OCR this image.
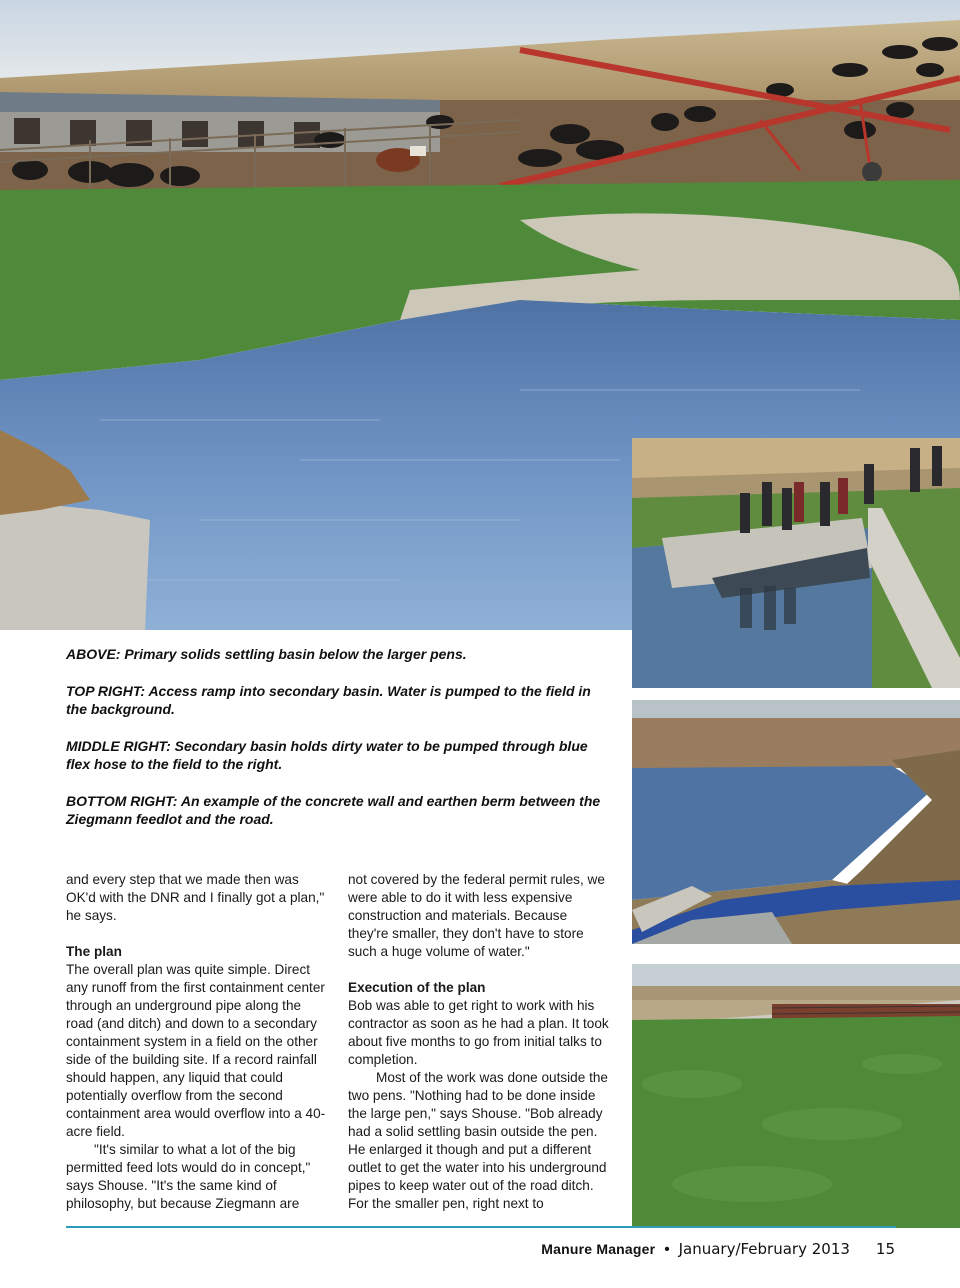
ABOVE: Primary solids settling basin below the larger pens.

TOP RIGHT: Access ramp into secondary basin. Water is pumped to the field in the background.

MIDDLE RIGHT: Secondary basin holds dirty water to be pumped through blue flex hose to the field to the right.

BOTTOM RIGHT: An example of the concrete wall and earthen berm between the Ziegmann feedlot and the road.

and every step that we made then was OK'd with the DNR and I finally got a plan," he says.

The plan

The overall plan was quite simple. Direct any runoff from the first containment center through an underground pipe along the road (and ditch) and down to a secondary containment system in a field on the other side of the building site. If a record rainfall should happen, any liquid that could potentially overflow from the second containment area would overflow into a 40-acre field.

"It's similar to what a lot of the big permitted feed lots would do in concept," says Shouse. "It's the same kind of philosophy, but because Ziegmann are

not covered by the federal permit rules, we were able to do it with less expensive construction and materials. Because they're smaller, they don't have to store such a huge volume of water."

Execution of the plan

Bob was able to get right to work with his contractor as soon as he had a plan. It took about five months to go from initial talks to completion.

Most of the work was done outside the two pens. "Nothing had to be done inside the large pen," says Shouse. "Bob already had a solid settling basin outside the pen. He enlarged it though and put a different outlet to get the water into his underground pipes to keep water out of the road ditch. For the smaller pen, right next to

Manure Manager • January/February 2013 15
